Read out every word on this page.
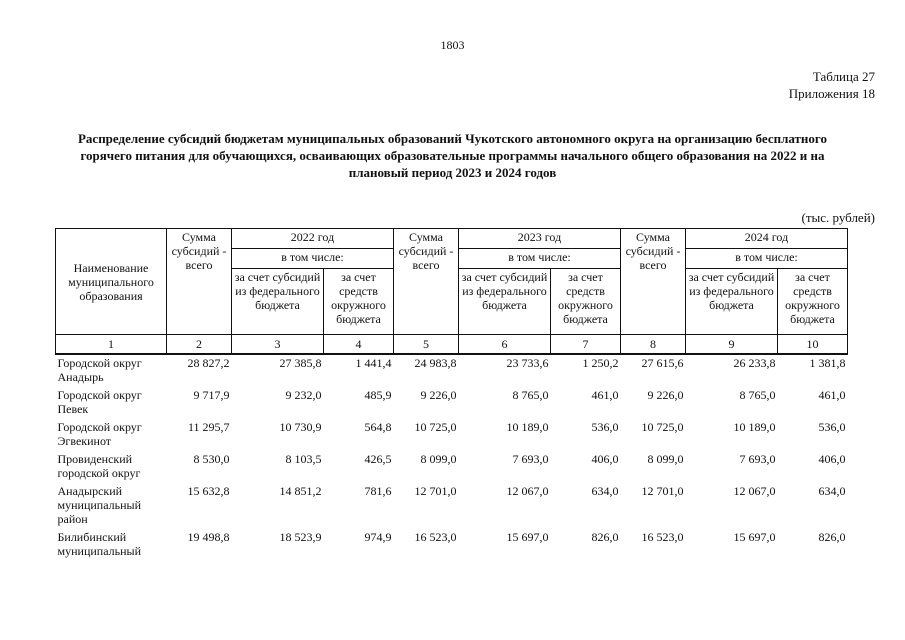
1803
Таблица 27
Приложения 18
Распределение субсидий бюджетам муниципальных образований Чукотского автономного округа на организацию бесплатного горячего питания для обучающихся, осваивающих образовательные программы начального общего образования на 2022 и на плановый период 2023 и 2024 годов
(тыс. рублей)
Наименование муниципального образования	Сумма субсидий - всего	2022 год		Сумма субсидий - всего	2023 год		Сумма субсидий - всего	2024 год	
		в том числе:			в том числе:			в том числе:	
		за счет субсидий из федерального бюджета	за счет средств окружного бюджета		за счет субсидий из федерального бюджета	за счет средств окружного бюджета		за счет субсидий из федерального бюджета	за счет средств окружного бюджета
1	2	3	4	5	6	7	8	9	10
Городской округ Анадырь	28 827,2	27 385,8	1 441,4	24 983,8	23 733,6	1 250,2	27 615,6	26 233,8	1 381,8
Городской округ Певек	9 717,9	9 232,0	485,9	9 226,0	8 765,0	461,0	9 226,0	8 765,0	461,0
Городской округ Эгвекинот	11 295,7	10 730,9	564,8	10 725,0	10 189,0	536,0	10 725,0	10 189,0	536,0
Провиденский городской округ	8 530,0	8 103,5	426,5	8 099,0	7 693,0	406,0	8 099,0	7 693,0	406,0
Анадырский муниципальный район	15 632,8	14 851,2	781,6	12 701,0	12 067,0	634,0	12 701,0	12 067,0	634,0
Билибинский муниципальный	19 498,8	18 523,9	974,9	16 523,0	15 697,0	826,0	16 523,0	15 697,0	826,0
